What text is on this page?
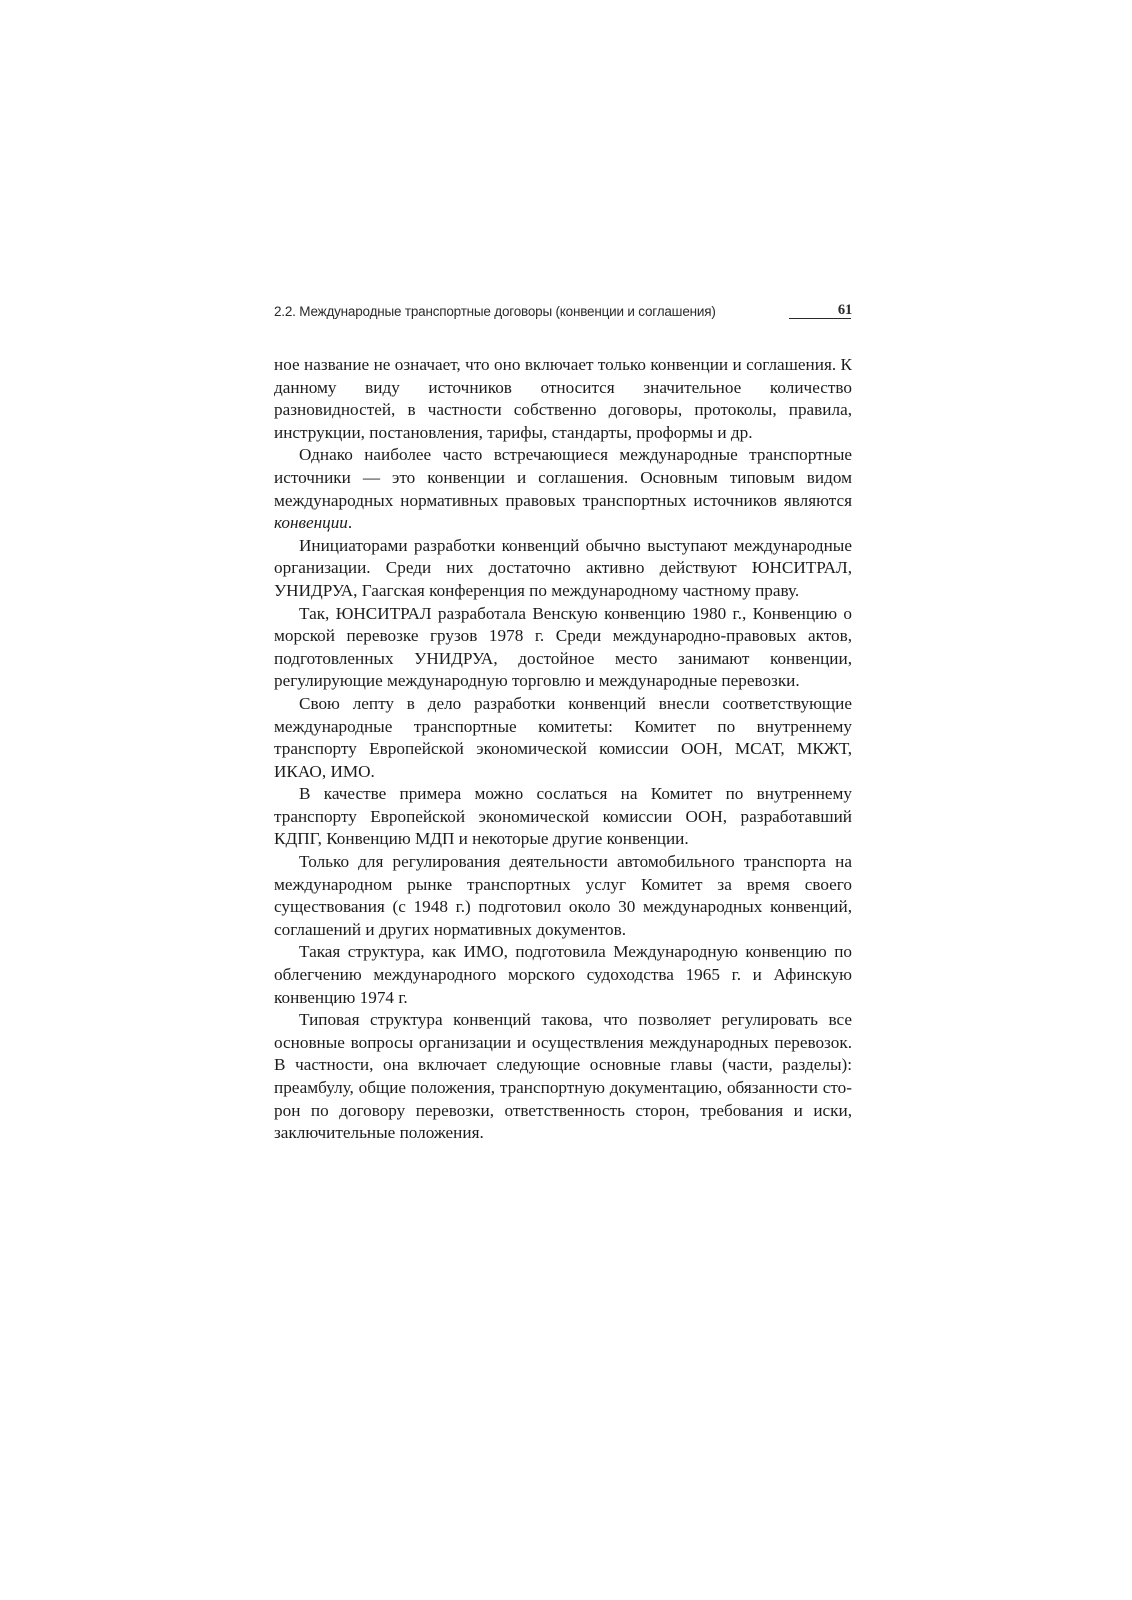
2.2. Международные транспортные договоры (конвенции и соглашения)	61

ное название не означает, что оно включает только конвенции и соглашения. К данному виду источников относится значительное количество разновидностей, в частности собственно договоры, протоколы, правила, инструкции, постановления, тарифы, стандарты, проформы и др.

Однако наиболее часто встречающиеся международные транспортные источники — это конвенции и соглашения. Основным типовым видом международных нормативных правовых транспортных источников являются конвенции.

Инициаторами разработки конвенций обычно выступают международные организации. Среди них достаточно активно действуют ЮНСИТРАЛ, УНИДРУА, Гаагская конференция по международному частному праву.

Так, ЮНСИТРАЛ разработала Венскую конвенцию 1980 г., Конвенцию о морской перевозке грузов 1978 г. Среди международно-правовых актов, подготовленных УНИДРУА, достойное место занимают конвенции, регулирующие международную торговлю и международные перевозки.

Свою лепту в дело разработки конвенций внесли соответствующие международные транспортные комитеты: Комитет по внутреннему транспорту Европейской экономической комиссии ООН, МСАТ, МКЖТ, ИКАО, ИМО.

В качестве примера можно сослаться на Комитет по внутреннему транспорту Европейской экономической комиссии ООН, разработавший КДПГ, Конвенцию МДП и некоторые другие конвенции.

Только для регулирования деятельности автомобильного транспорта на международном рынке транспортных услуг Комитет за время своего существования (с 1948 г.) подготовил около 30 международных конвенций, соглашений и других нормативных документов.

Такая структура, как ИМО, подготовила Международную конвенцию по облегчению международного морского судоходства 1965 г. и Афинскую конвенцию 1974 г.

Типовая структура конвенций такова, что позволяет регулировать все основные вопросы организации и осуществления международных перевозок. В частности, она включает следующие основные главы (части, разделы): преамбулу, общие положения, транспортную документацию, обязанности сторон по договору перевозки, ответственность сторон, требования и иски, заключительные положения.
